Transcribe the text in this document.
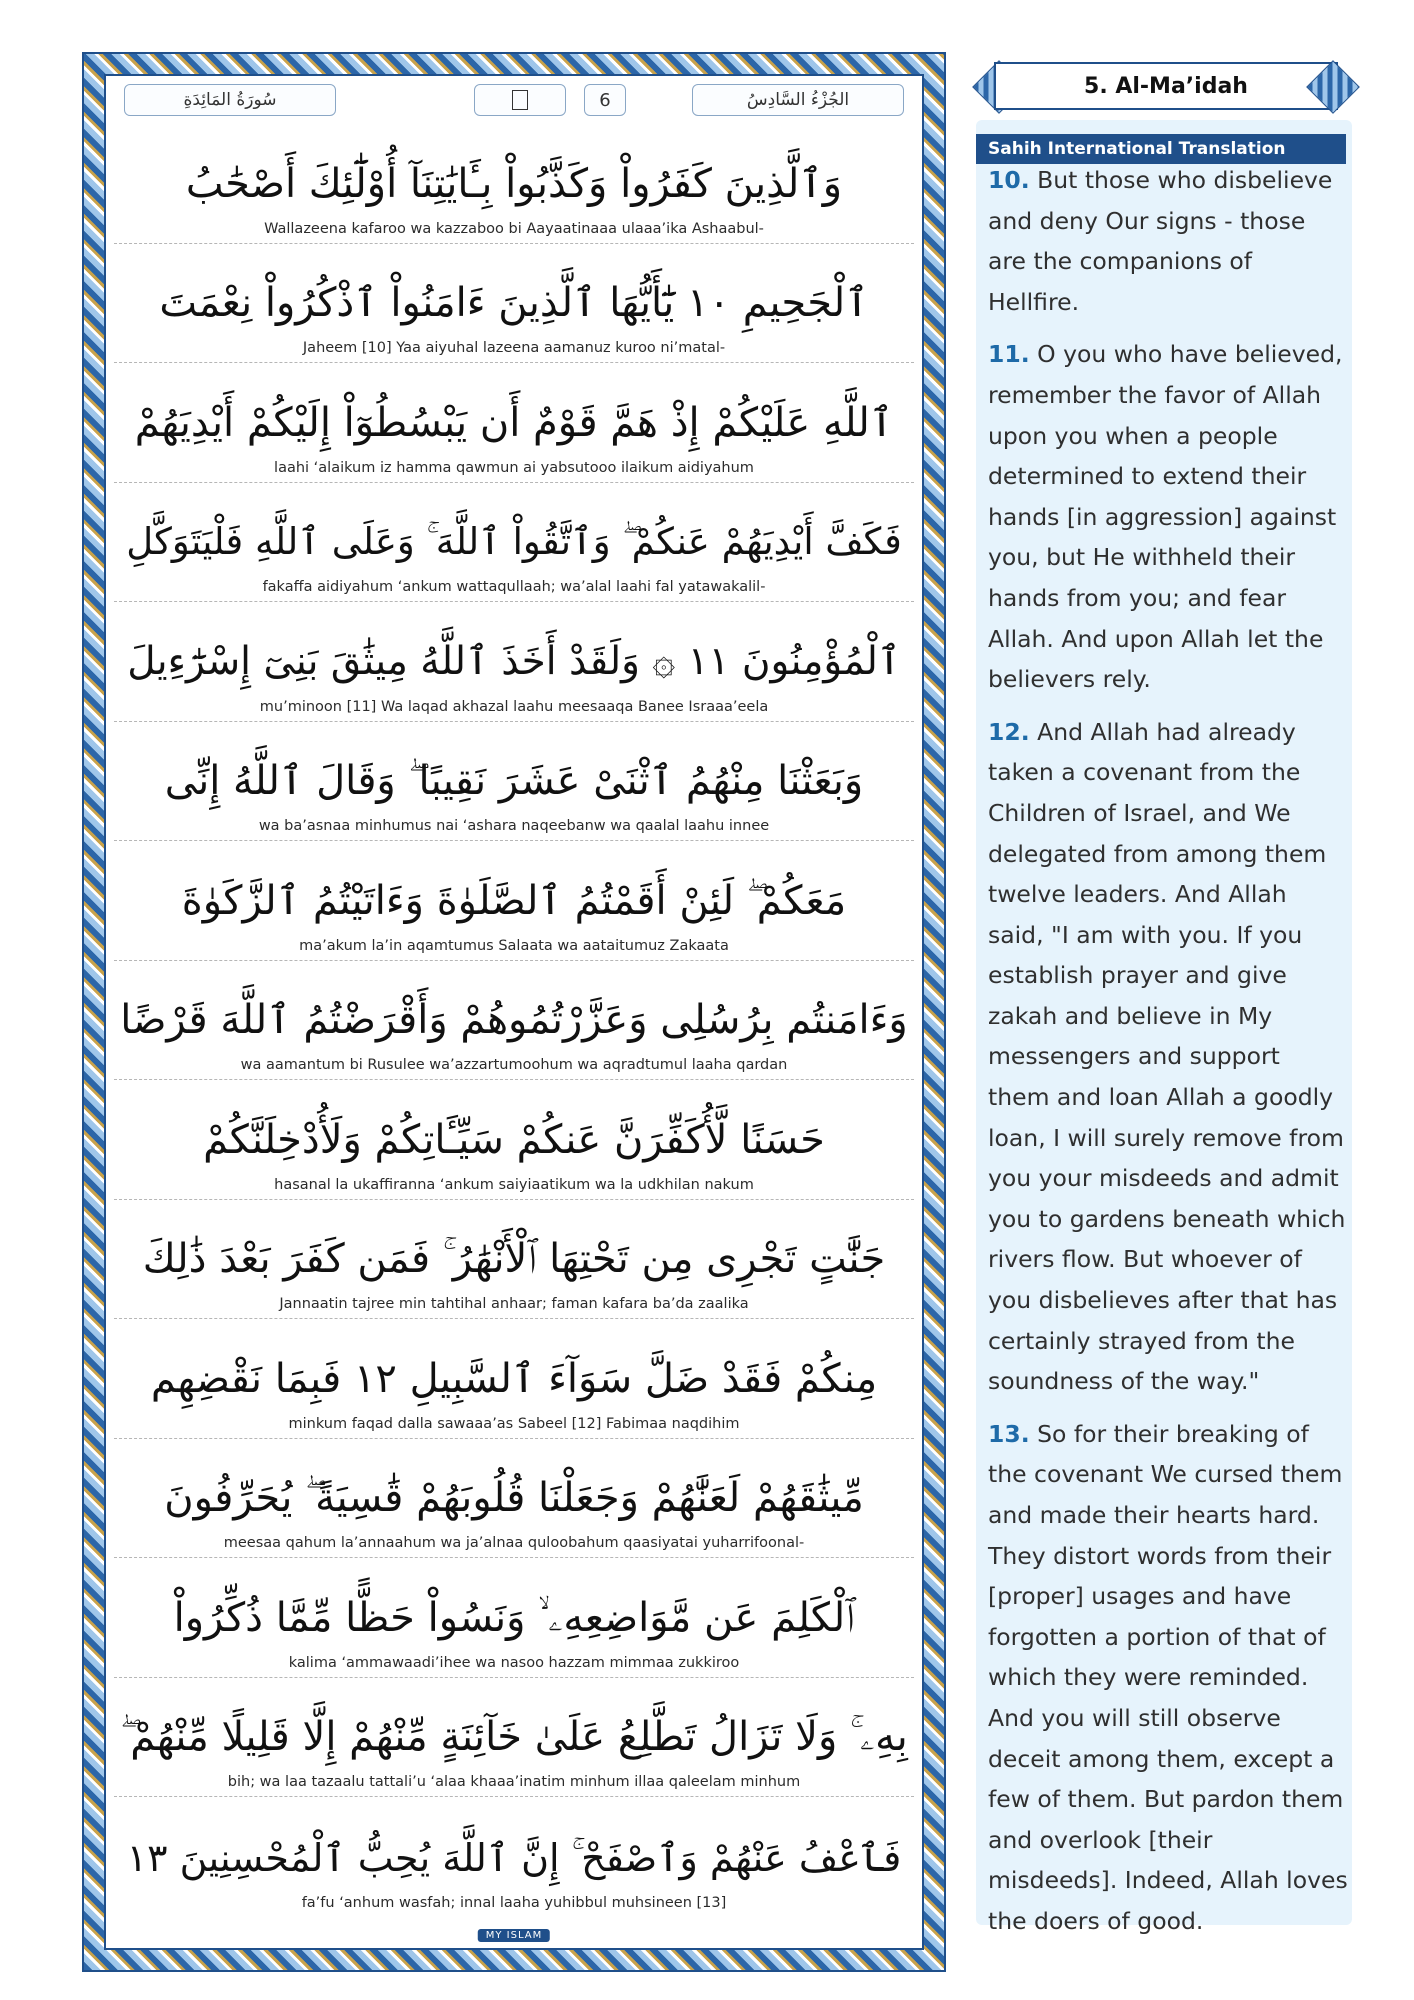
سُورَةُ المَائِدَةِ	6	الجُزْءُ السَّادِسُ
وَٱلَّذِينَ كَفَرُواْ وَكَذَّبُواْ بِـَٔايَٰتِنَآ أُوْلَٰٓئِكَ أَصْحَٰبُ
Wallazeena kafaroo wa kazzaboo bi Aayaatinaaa ulaaa’ika Ashaabul-
ٱلْجَحِيمِ ١٠ يَٰٓأَيُّهَا ٱلَّذِينَ ءَامَنُواْ ٱذْكُرُواْ نِعْمَتَ
Jaheem [10] Yaa aiyuhal lazeena aamanuz kuroo ni’matal-
ٱللَّهِ عَلَيْكُمْ إِذْ هَمَّ قَوْمٌ أَن يَبْسُطُوٓاْ إِلَيْكُمْ أَيْدِيَهُمْ
laahi ‘alaikum iz hamma qawmun ai yabsutooo ilaikum aidiyahum
فَكَفَّ أَيْدِيَهُمْ عَنكُمْ ۖ وَٱتَّقُواْ ٱللَّهَ ۚ وَعَلَى ٱللَّهِ فَلْيَتَوَكَّلِ
fakaffa aidiyahum ‘ankum wattaqullaah; wa’alal laahi fal yatawakalil-
ٱلْمُؤْمِنُونَ ١١ ۞ وَلَقَدْ أَخَذَ ٱللَّهُ مِيثَٰقَ بَنِىٓ إِسْرَٰٓءِيلَ
mu’minoon [11] Wa laqad akhazal laahu meesaaqa Banee Israaa’eela
وَبَعَثْنَا مِنْهُمُ ٱثْنَىْ عَشَرَ نَقِيبًا ۖ وَقَالَ ٱللَّهُ إِنِّى
wa ba’asnaa minhumus nai ‘ashara naqeebanw wa qaalal laahu innee
مَعَكُمْ ۖ لَئِنْ أَقَمْتُمُ ٱلصَّلَوٰةَ وَءَاتَيْتُمُ ٱلزَّكَوٰةَ
ma’akum la’in aqamtumus Salaata wa aataitumuz Zakaata
وَءَامَنتُم بِرُسُلِى وَعَزَّرْتُمُوهُمْ وَأَقْرَضْتُمُ ٱللَّهَ قَرْضًا
wa aamantum bi Rusulee wa’azzartumoohum wa aqradtumul laaha qardan
حَسَنًا لَّأُكَفِّرَنَّ عَنكُمْ سَيِّـَٔاتِكُمْ وَلَأُدْخِلَنَّكُمْ
hasanal la ukaffiranna ‘ankum saiyiaatikum wa la udkhilan nakum
جَنَّٰتٍ تَجْرِى مِن تَحْتِهَا ٱلْأَنْهَٰرُ ۚ فَمَن كَفَرَ بَعْدَ ذَٰلِكَ
Jannaatin tajree min tahtihal anhaar; faman kafara ba’da zaalika
مِنكُمْ فَقَدْ ضَلَّ سَوَآءَ ٱلسَّبِيلِ ١٢ فَبِمَا نَقْضِهِم
minkum faqad dalla sawaaa’as Sabeel [12] Fabimaa naqdihim
مِّيثَٰقَهُمْ لَعَنَّٰهُمْ وَجَعَلْنَا قُلُوبَهُمْ قَٰسِيَةً ۖ يُحَرِّفُونَ
meesaa qahum la’annaahum wa ja’alnaa quloobahum qaasiyatai yuharrifoonal-
ٱلْكَلِمَ عَن مَّوَاضِعِهِۦ ۙ وَنَسُواْ حَظًّا مِّمَّا ذُكِّرُواْ
kalima ‘ammawaadi’ihee wa nasoo hazzam mimmaa zukkiroo
بِهِۦ ۚ وَلَا تَزَالُ تَطَّلِعُ عَلَىٰ خَآئِنَةٍ مِّنْهُمْ إِلَّا قَلِيلًا مِّنْهُمْ ۖ
bih; wa laa tazaalu tattali’u ‘alaa khaaa’inatim minhum illaa qaleelam minhum
فَٱعْفُ عَنْهُمْ وَٱصْفَحْ ۚ إِنَّ ٱللَّهَ يُحِبُّ ٱلْمُحْسِنِينَ ١٣
fa’fu ‘anhum wasfah; innal laaha yuhibbul muhsineen [13]
MY ISLAM
5. Al-Ma’idah
Sahih International Translation

10. But those who disbelieve and deny Our signs - those are the companions of Hellfire.

11. O you who have believed, remember the favor of Allah upon you when a people determined to extend their hands [in aggression] against you, but He withheld their hands from you; and fear Allah. And upon Allah let the believers rely.

12. And Allah had already taken a covenant from the Children of Israel, and We delegated from among them twelve leaders. And Allah said, "I am with you. If you establish prayer and give zakah and believe in My messengers and support them and loan Allah a goodly loan, I will surely remove from you your misdeeds and admit you to gardens beneath which rivers flow. But whoever of you disbelieves after that has certainly strayed from the soundness of the way."

13. So for their breaking of the covenant We cursed them and made their hearts hard. They distort words from their [proper] usages and have forgotten a portion of that of which they were reminded. And you will still observe deceit among them, except a few of them. But pardon them and overlook [their misdeeds]. Indeed, Allah loves the doers of good.
